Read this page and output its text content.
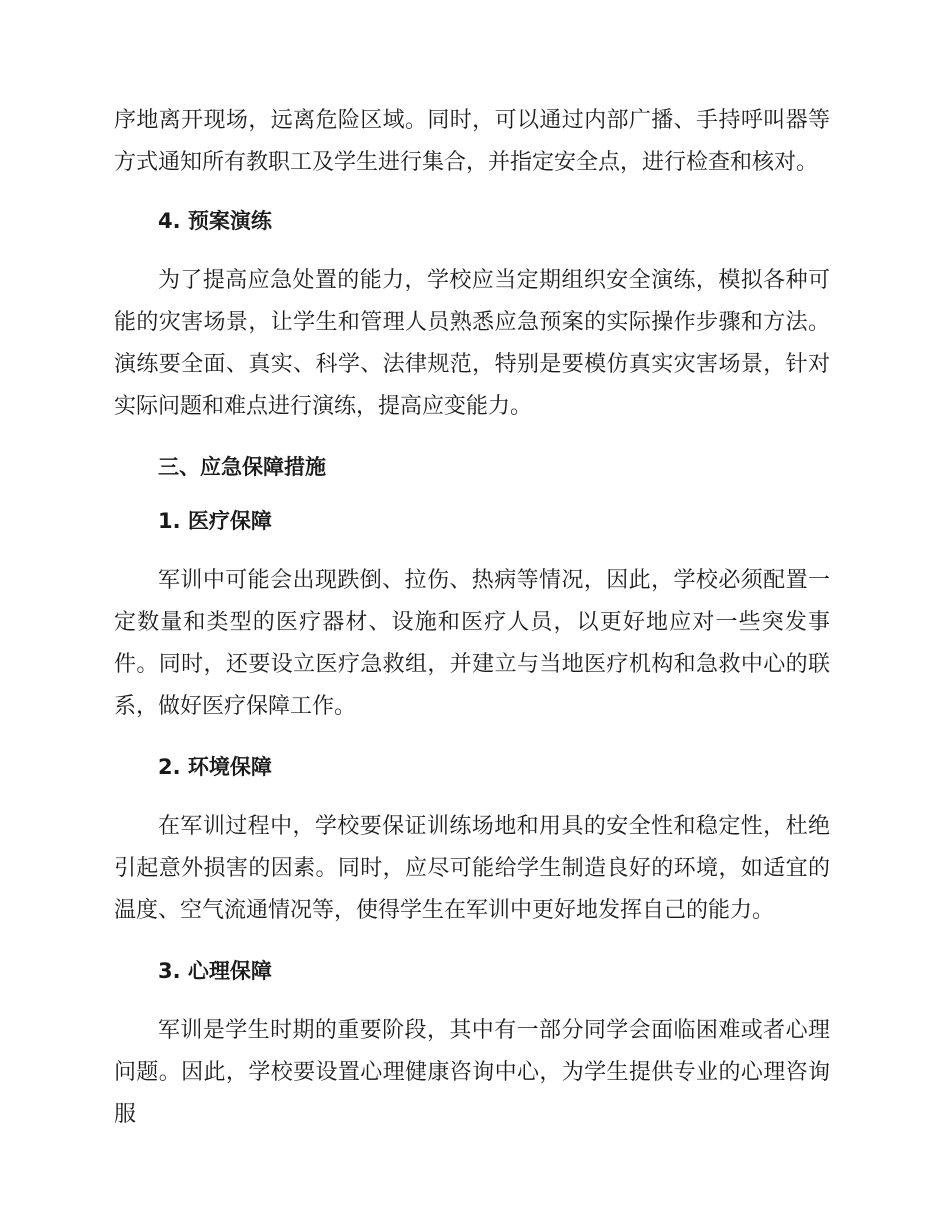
序地离开现场，远离危险区域。同时，可以通过内部广播、手持呼叫器等方式通知所有教职工及学生进行集合，并指定安全点，进行检查和核对。

4. 预案演练

为了提高应急处置的能力，学校应当定期组织安全演练，模拟各种可能的灾害场景，让学生和管理人员熟悉应急预案的实际操作步骤和方法。演练要全面、真实、科学、法律规范，特别是要模仿真实灾害场景，针对实际问题和难点进行演练，提高应变能力。

三、应急保障措施
1. 医疗保障

军训中可能会出现跌倒、拉伤、热病等情况，因此，学校必须配置一定数量和类型的医疗器材、设施和医疗人员，以更好地应对一些突发事件。同时，还要设立医疗急救组，并建立与当地医疗机构和急救中心的联系，做好医疗保障工作。

2. 环境保障

在军训过程中，学校要保证训练场地和用具的安全性和稳定性，杜绝引起意外损害的因素。同时，应尽可能给学生制造良好的环境，如适宜的温度、空气流通情况等，使得学生在军训中更好地发挥自己的能力。

3. 心理保障

军训是学生时期的重要阶段，其中有一部分同学会面临困难或者心理问题。因此，学校要设置心理健康咨询中心，为学生提供专业的心理咨询服
